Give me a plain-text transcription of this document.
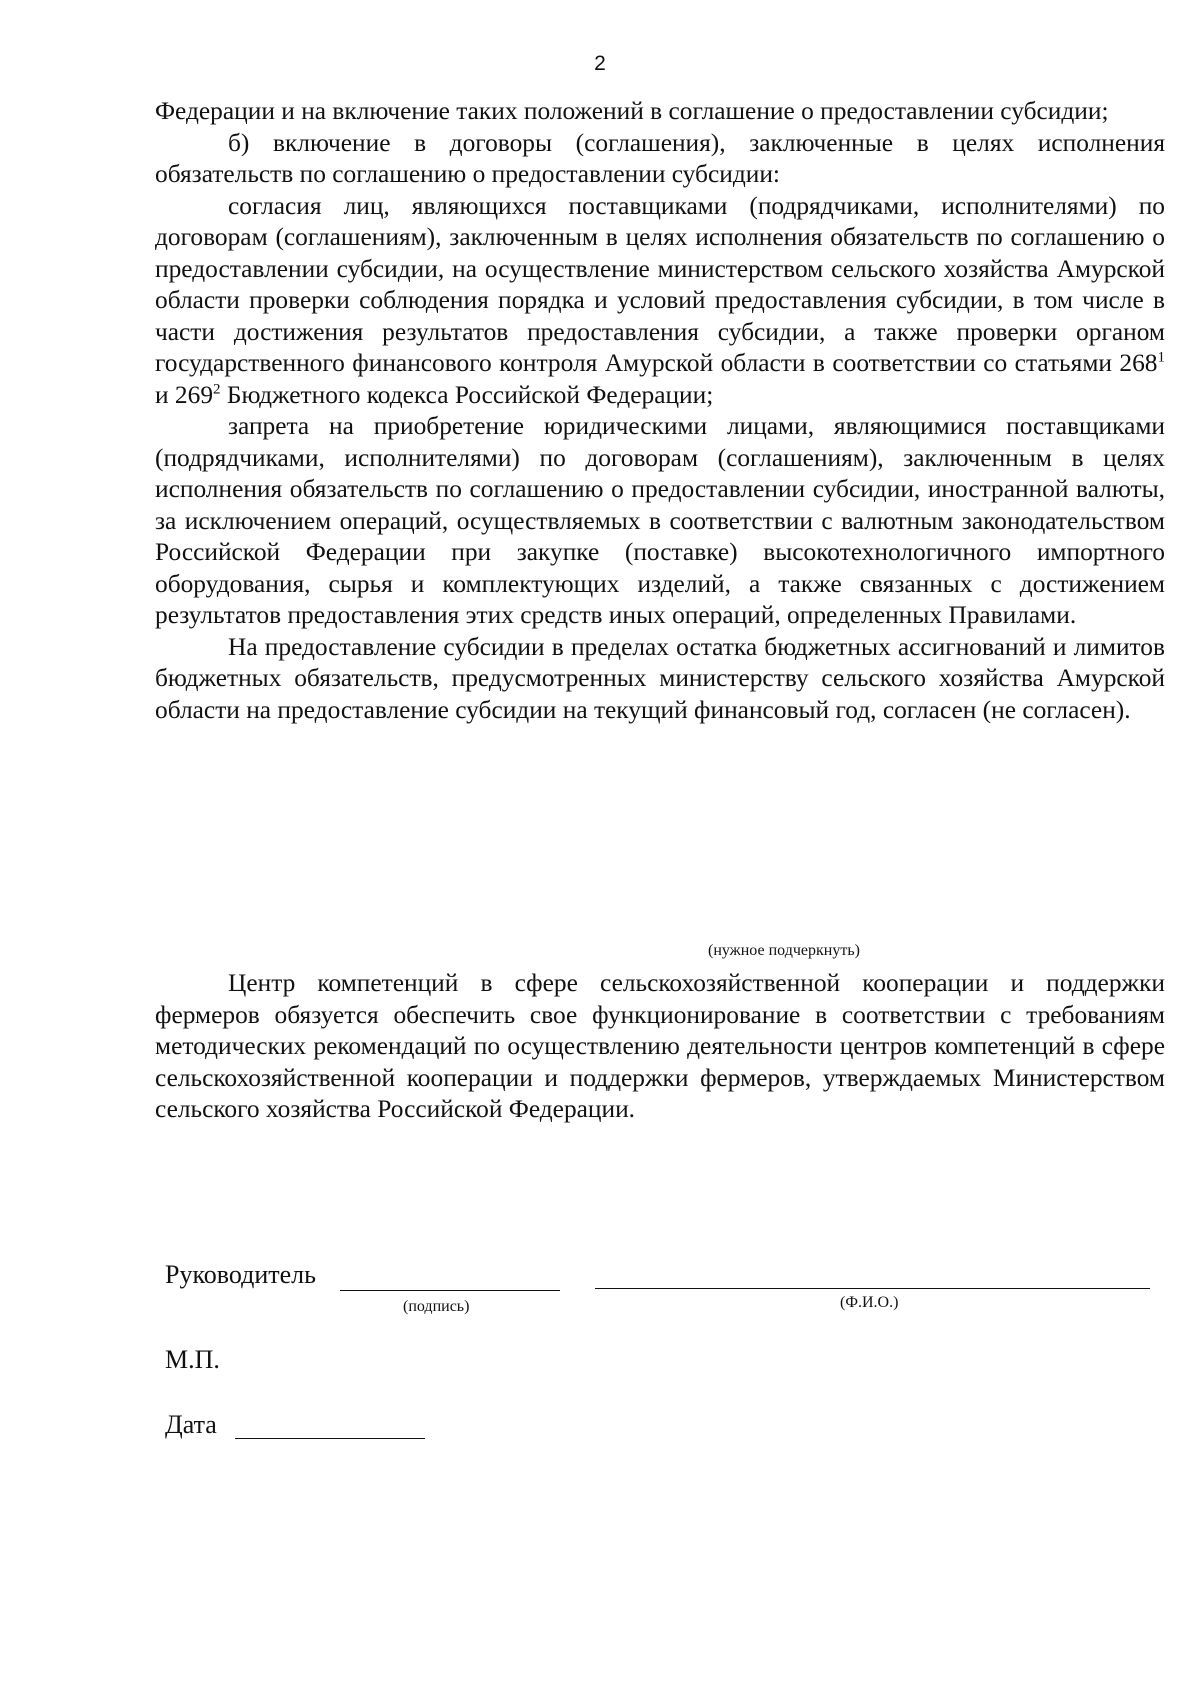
2

Федерации и на включение таких положений в соглашение о предоставлении субсидии;

б) включение в договоры (соглашения), заключенные в целях исполнения обязательств по соглашению о предоставлении субсидии:

согласия лиц, являющихся поставщиками (подрядчиками, исполнителями) по договорам (соглашениям), заключенным в целях исполнения обязательств по соглашению о предоставлении субсидии, на осуществление министерством сельского хозяйства Амурской области проверки соблюдения порядка и условий предоставления субсидии, в том числе в части достижения результатов предоставления субсидии, а также проверки органом государственного финансового контроля Амурской области в соответствии со статьями $268^1$ и $269^2$ Бюджетного кодекса Российской Федерации;

запрета на приобретение юридическими лицами, являющимися поставщиками (подрядчиками, исполнителями) по договорам (соглашениям), заключенным в целях исполнения обязательств по соглашению о предоставлении субсидии, иностранной валюты, за исключением операций, осуществляемых в соответствии с валютным законодательством Российской Федерации при закупке (поставке) высокотехнологичного импортного оборудования, сырья и комплектующих изделий, а также связанных с достижением результатов предоставления этих средств иных операций, определенных Правилами.

На предоставление субсидии в пределах остатка бюджетных ассигнований и лимитов бюджетных обязательств, предусмотренных министерству сельского хозяйства Амурской области на предоставление субсидии на текущий финансовый год, согласен (не согласен).

(нужное подчеркнуть)

Центр компетенций в сфере сельскохозяйственной кооперации и поддержки фермеров обязуется обеспечить свое функционирование в соответствии с требованиям методических рекомендаций по осуществлению деятельности центров компетенций в сфере сельскохозяйственной кооперации и поддержки фермеров, утверждаемых Министерством сельского хозяйства Российской Федерации.

Руководитель
(подпись)	(Ф.И.О.)
М.П.
Дата
